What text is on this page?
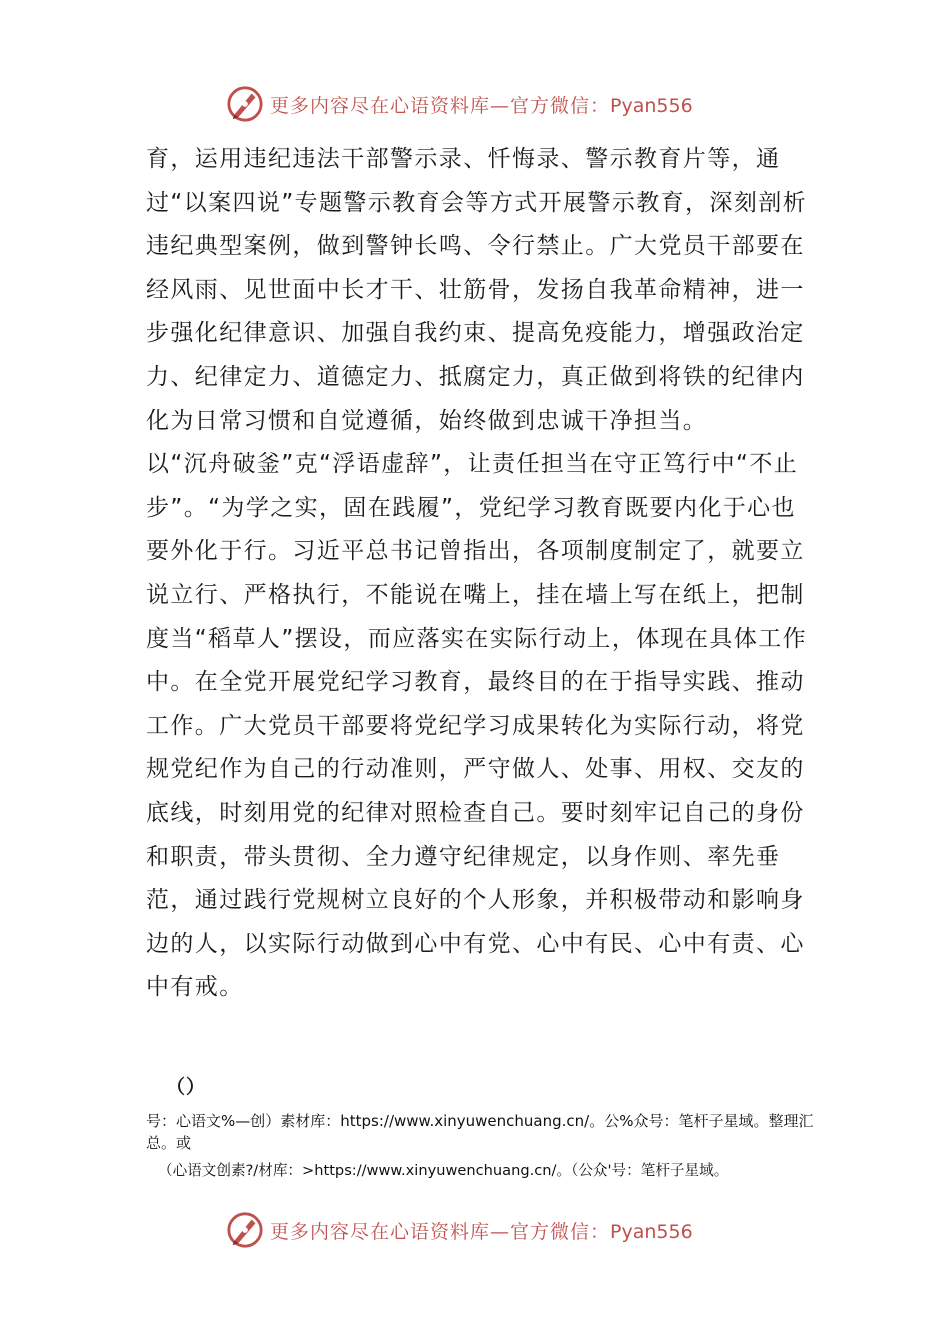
更多内容尽在心语资料库—官方微信：Pyan556

育，运用违纪违法干部警示录、忏悔录、警示教育片等，通过“以案四说”专题警示教育会等方式开展警示教育，深刻剖析违纪典型案例，做到警钟长鸣、令行禁止。广大党员干部要在经风雨、见世面中长才干、壮筋骨，发扬自我革命精神，进一步强化纪律意识、加强自我约束、提高免疫能力，增强政治定力、纪律定力、道德定力、抵腐定力，真正做到将铁的纪律内化为日常习惯和自觉遵循，始终做到忠诚干净担当。

以“沉舟破釜”克“浮语虚辞”，让责任担当在守正笃行中“不止步”。“为学之实，固在践履”，党纪学习教育既要内化于心也要外化于行。习近平总书记曾指出，各项制度制定了，就要立说立行、严格执行，不能说在嘴上，挂在墙上写在纸上，把制度当“稻草人”摆设，而应落实在实际行动上，体现在具体工作中。在全党开展党纪学习教育，最终目的在于指导实践、推动工作。广大党员干部要将党纪学习成果转化为实际行动，将党规党纪作为自己的行动准则，严守做人、处事、用权、交友的底线，时刻用党的纪律对照检查自己。要时刻牢记自己的身份和职责，带头贯彻、全力遵守纪律规定，以身作则、率先垂范，通过践行党规树立良好的个人形象，并积极带动和影响身边的人，以实际行动做到心中有党、心中有民、心中有责、心中有戒。

（）
号：心语文%—创）素材库：https://www.xinyuwenchuang.cn/。公%众号：笔杆子星域。整理汇总。或
（心语文创素?/材库：>https://www.xinyuwenchuang.cn/。（公众'号：笔杆子星域。
更多内容尽在心语资料库—官方微信：Pyan556
